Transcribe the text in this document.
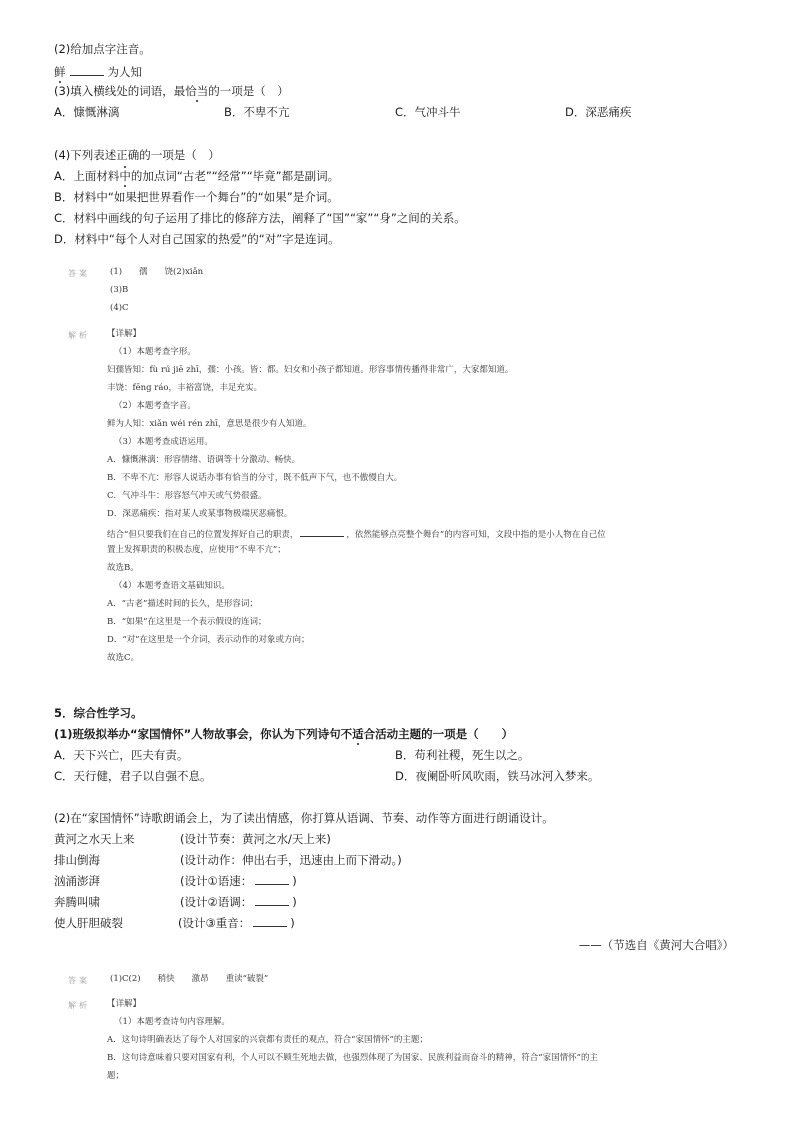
(2)给加点字注音。
鲜	为人知
(3)填入横线处的词语，最恰当的一项是（　）
A．慷慨淋漓	B．不卑不亢	C．气冲斗牛	D．深恶痛疾
(4)下列表述正确的一项是（　）
A．上面材料中的加点词“古老”“经常”“毕竟”都是副词。
B．材料中“如果把世界看作一个舞台”的“如果”是介词。
C．材料中画线的句子运用了排比的修辞方法，阐释了“国”“家”“身”之间的关系。
D．材料中“每个人对自己国家的热爱”的“对”字是连词。
答案 (1)　　孺　　饶(2)xiǎn
(3)B
(4)C
解析 【详解】
（1）本题考查字形。
妇孺皆知：fù rú jiē zhī，孺：小孩。皆：都。妇女和小孩子都知道。形容事情传播得非常广，大家都知道。
丰饶：fēng ráo，丰裕富饶，丰足充实。
（2）本题考查字音。
鲜为人知：xiǎn wéi rén zhī，意思是很少有人知道。
（3）本题考查成语运用。
A．慷慨淋漓：形容情绪、语调等十分激动、畅快。
B．不卑不亢：形容人说话办事有恰当的分寸，既不低声下气，也不傲慢自大。
C．气冲斗牛：形容怒气冲天或气势很盛。
D．深恶痛疾：指对某人或某事物极端厌恶痛恨。
结合“但只要我们在自己的位置发挥好自己的职责，	，依然能够点亮整个舞台”的内容可知，文段中指的是小人物在自己位
置上发挥职责的积极态度，应使用“不卑不亢”；
故选B。
（4）本题考查语文基础知识。
A．“古老”描述时间的长久，是形容词；
B．“如果”在这里是一个表示假设的连词；
D．“对”在这里是一个介词，表示动作的对象或方向；
故选C。
5．综合性学习。
(1)班级拟举办“家国情怀”人物故事会，你认为下列诗句不适合活动主题的一项是（　　）
A．天下兴亡，匹夫有责。	B．苟利社稷，死生以之。
C．天行健，君子以自强不息。	D．夜阑卧听风吹雨，铁马冰河入梦来。
(2)在“家国情怀”诗歌朗诵会上，为了读出情感，你打算从语调、节奏、动作等方面进行朗诵设计。
黄河之水天上来	(设计节奏：黄河之水/天上来)
排山倒海	(设计动作：伸出右手，迅速由上而下滑动。)
汹涌澎湃	(设计①语速：	)
奔腾叫啸	(设计②语调：	)
使人肝胆破裂	(设计③重音：	)
——（节选自《黄河大合唱》）
答案 (1)C(2)　　稍快　　激昂　　重读“破裂”
解析 【详解】
（1）本题考查诗句内容理解。
A．这句诗明确表达了每个人对国家的兴衰都有责任的观点，符合“家国情怀”的主题；
B．这句诗意味着只要对国家有利，个人可以不顾生死地去做，也强烈体现了为国家、民族利益而奋斗的精神，符合“家国情怀”的主
题；
